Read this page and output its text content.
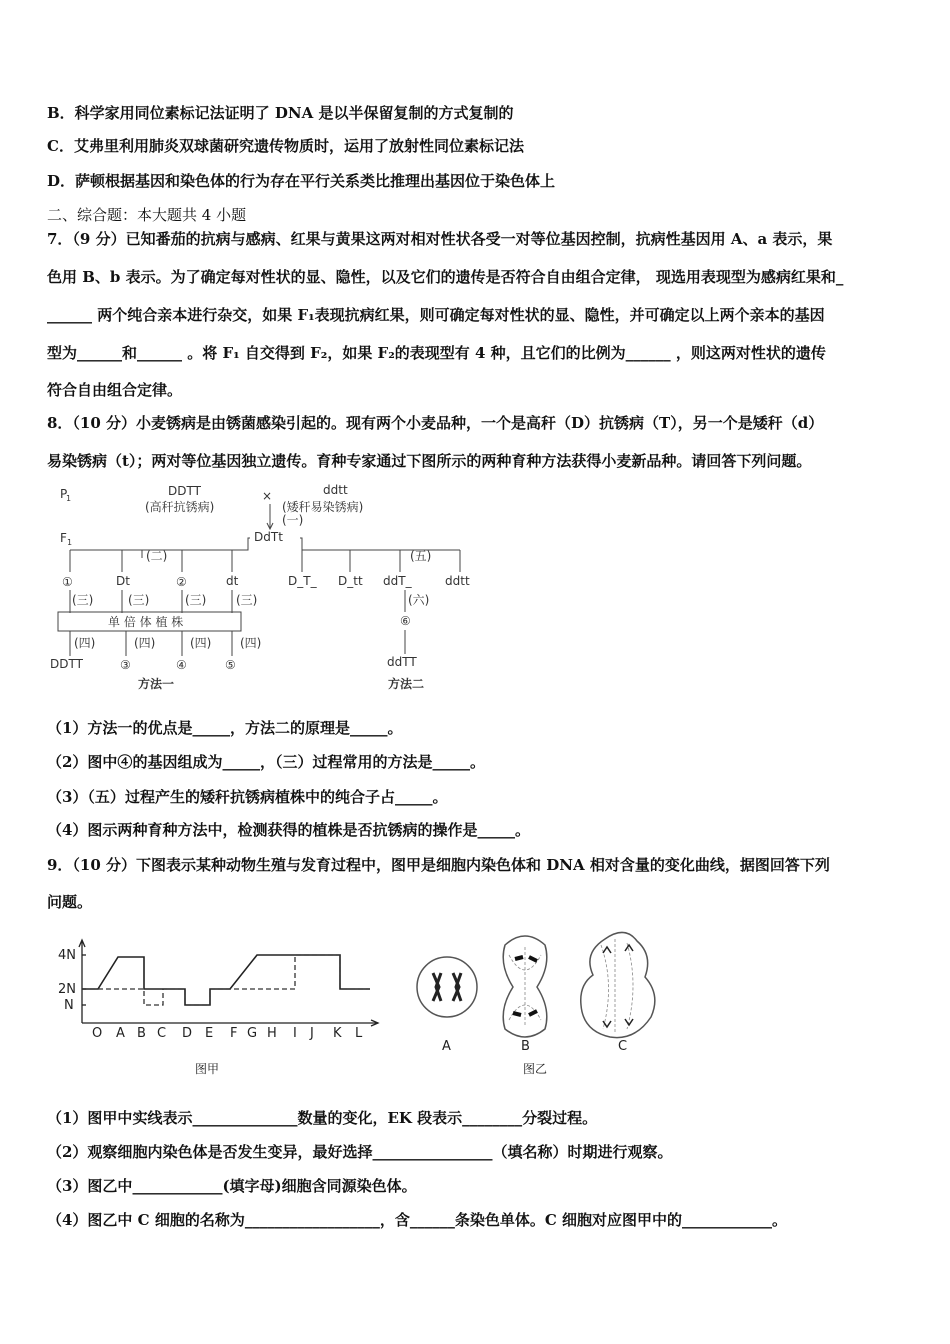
B．科学家用同位素标记法证明了 DNA 是以半保留复制的方式复制的
C．艾弗里利用肺炎双球菌研究遗传物质时，运用了放射性同位素标记法
D．萨顿根据基因和染色体的行为存在平行关系类比推理出基因位于染色体上
二、综合题：本大题共 4 小题
7．（9 分）已知番茄的抗病与感病、红果与黄果这两对相对性状各受一对等位基因控制，抗病性基因用 A、a 表示，果
色用 B、b 表示。为了确定每对性状的显、隐性，以及它们的遗传是否符合自由组合定律， 现选用表现型为感病红果和_
______ 两个纯合亲本进行杂交，如果 F₁表现抗病红果，则可确定每对性状的显、隐性，并可确定以上两个亲本的基因
型为______和______ 。将 F₁ 自交得到 F₂，如果 F₂的表现型有 4 种，且它们的比例为______ ，则这两对性状的遗传
符合自由组合定律。
8．（10 分）小麦锈病是由锈菌感染引起的。现有两个小麦品种，一个是高秆（D）抗锈病（T），另一个是矮秆（d）
易染锈病（t）；两对等位基因独立遗传。育种专家通过下图所示的两种育种方法获得小麦新品种。请回答下列问题。
P
1
DDTT
(高秆抗锈病)
×	ddtt
(矮秆易染锈病)
(一)
F 1	DdTt
(二)	(五)
①	Dt	②	dt
(三)	(三)	(三) (三)
单 倍 体 植 株
(四)	(四)	(四) (四)
DDTT	③	④	⑤
方法一
D_T_ D_tt ddT_	ddtt
(六)
⑥
ddTT
方法二
（1）方法一的优点是_____，方法二的原理是_____。
（2）图中④的基因组成为_____，（三）过程常用的方法是_____。
（3）（五）过程产生的矮秆抗锈病植株中的纯合子占_____。
（4）图示两种育种方法中，检测获得的植株是否抗锈病的操作是_____。
9．（10 分）下图表示某种动物生殖与发育过程中，图甲是细胞内染色体和 DNA 相对含量的变化曲线，据图回答下列
问题。
4N
2N
N
O A B C D E F G H I J K L
图甲
A	B	C
图乙
（1）图甲中实线表示______________数量的变化，EK 段表示________分裂过程。
（2）观察细胞内染色体是否发生变异，最好选择________________（填名称）时期进行观察。
（3）图乙中____________(填字母)细胞含同源染色体。
（4）图乙中 C 细胞的名称为__________________，含______条染色单体。C 细胞对应图甲中的____________。
